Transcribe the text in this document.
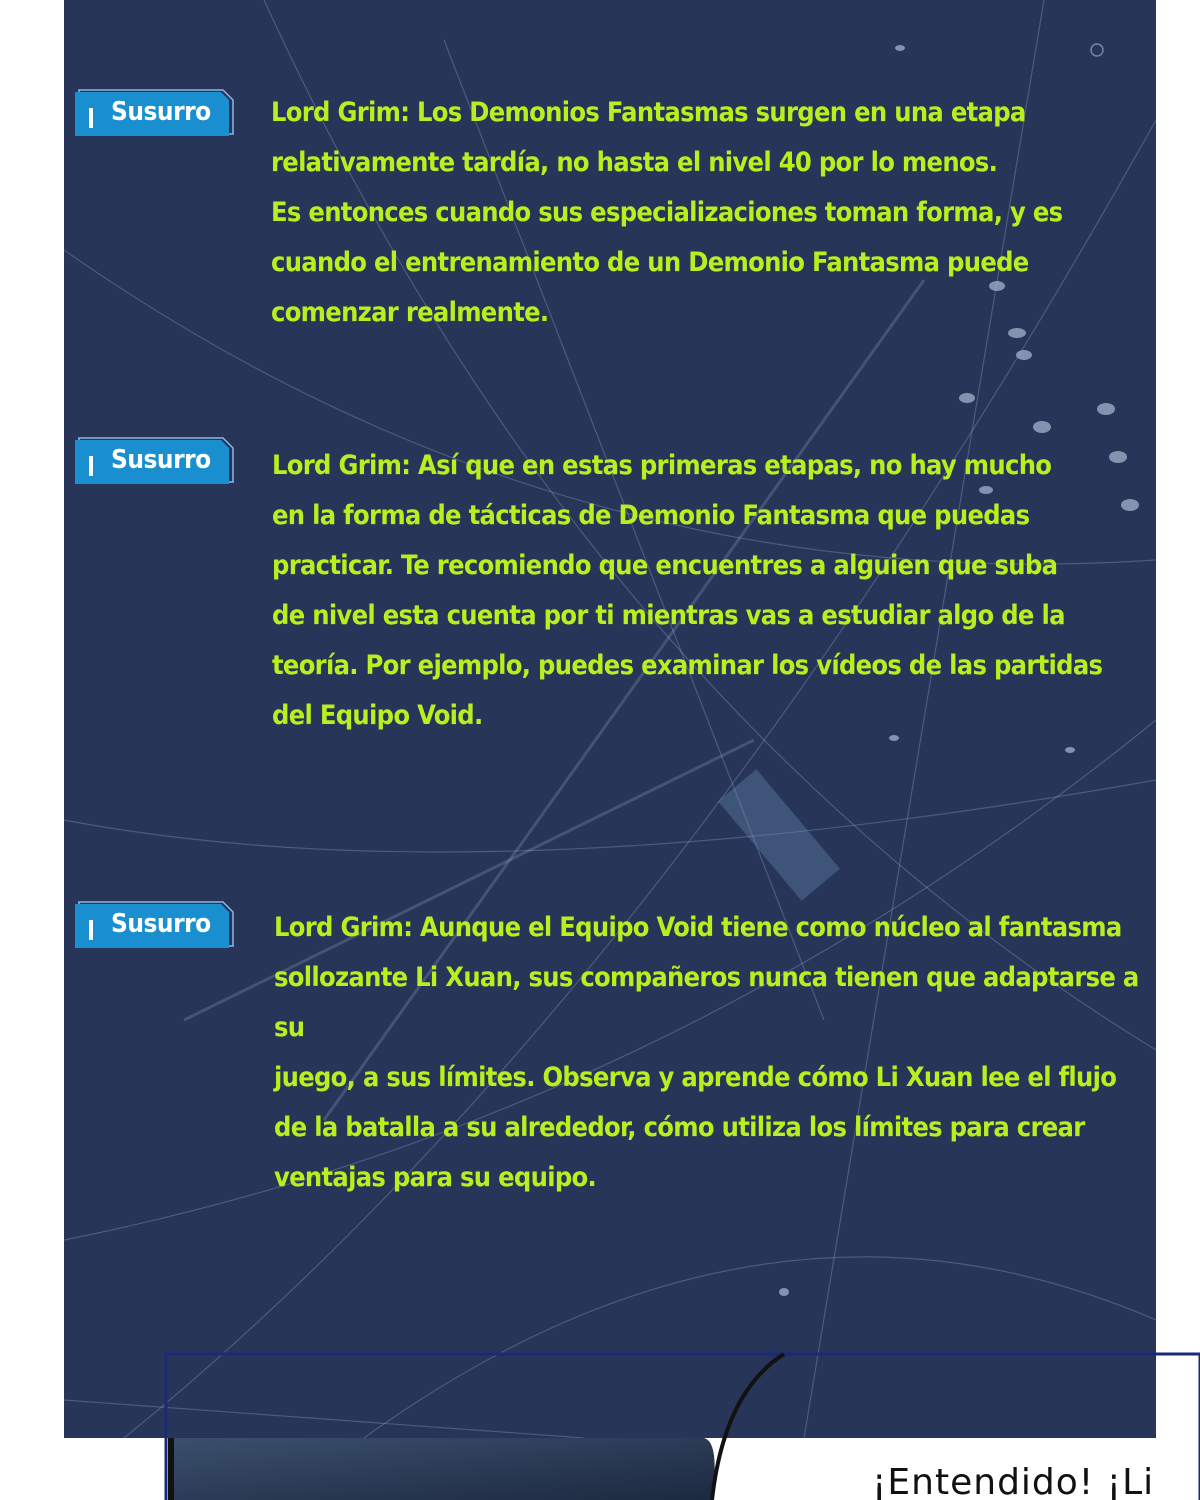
Susurro Lord Grim: Los Demonios Fantasmas surgen en una etapa
relativamente tardía, no hasta el nivel 40 por lo menos.
Es entonces cuando sus especializaciones toman forma, y es
cuando el entrenamiento de un Demonio Fantasma puede
comenzar realmente.

Susurro Lord Grim: Así que en estas primeras etapas, no hay mucho
en la forma de tácticas de Demonio Fantasma que puedas
practicar. Te recomiendo que encuentres a alguien que suba
de nivel esta cuenta por ti mientras vas a estudiar algo de la
teoría. Por ejemplo, puedes examinar los vídeos de las partidas
del Equipo Void.

Susurro Lord Grim: Aunque el Equipo Void tiene como núcleo al fantasma
sollozante Li Xuan, sus compañeros nunca tienen que adaptarse a su
juego, a sus límites. Observa y aprende cómo Li Xuan lee el flujo
de la batalla a su alrededor, cómo utiliza los límites para crear
ventajas para su equipo.

¡Entendido! ¡Li
